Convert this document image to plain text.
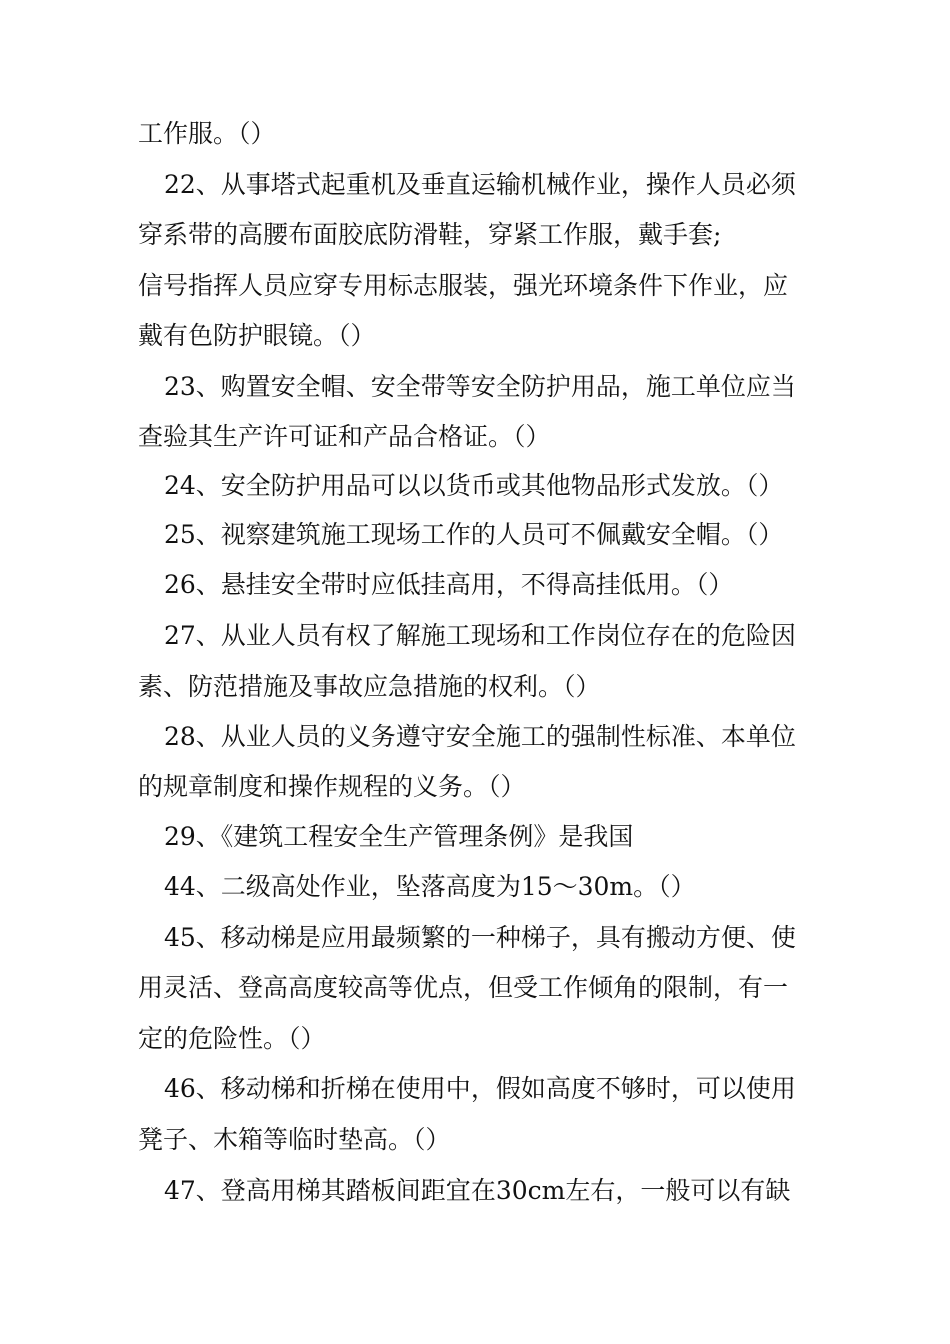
工作服。（）
22、从事塔式起重机及垂直运输机械作业，操作人员必须
穿系带的高腰布面胶底防滑鞋，穿紧工作服，戴手套;
信号指挥人员应穿专用标志服装，强光环境条件下作业，应
戴有色防护眼镜。（）
23、购置安全帽、安全带等安全防护用品，施工单位应当
查验其生产许可证和产品合格证。（）
24、安全防护用品可以以货币或其他物品形式发放。（）
25、视察建筑施工现场工作的人员可不佩戴安全帽。（）
26、悬挂安全带时应低挂高用，不得高挂低用。（）
27、从业人员有权了解施工现场和工作岗位存在的危险因
素、防范措施及事故应急措施的权利。（）
28、从业人员的义务遵守安全施工的强制性标准、本单位
的规章制度和操作规程的义务。（）
29、《建筑工程安全生产管理条例》是我国
44、二级高处作业，坠落高度为15〜30m。（）
45、移动梯是应用最频繁的一种梯子，具有搬动方便、使
用灵活、登高高度较高等优点，但受工作倾角的限制，有一
定的危险性。（）
46、移动梯和折梯在使用中，假如高度不够时，可以使用
凳子、木箱等临时垫高。（）
47、登高用梯其踏板间距宜在30cm左右，一般可以有缺
